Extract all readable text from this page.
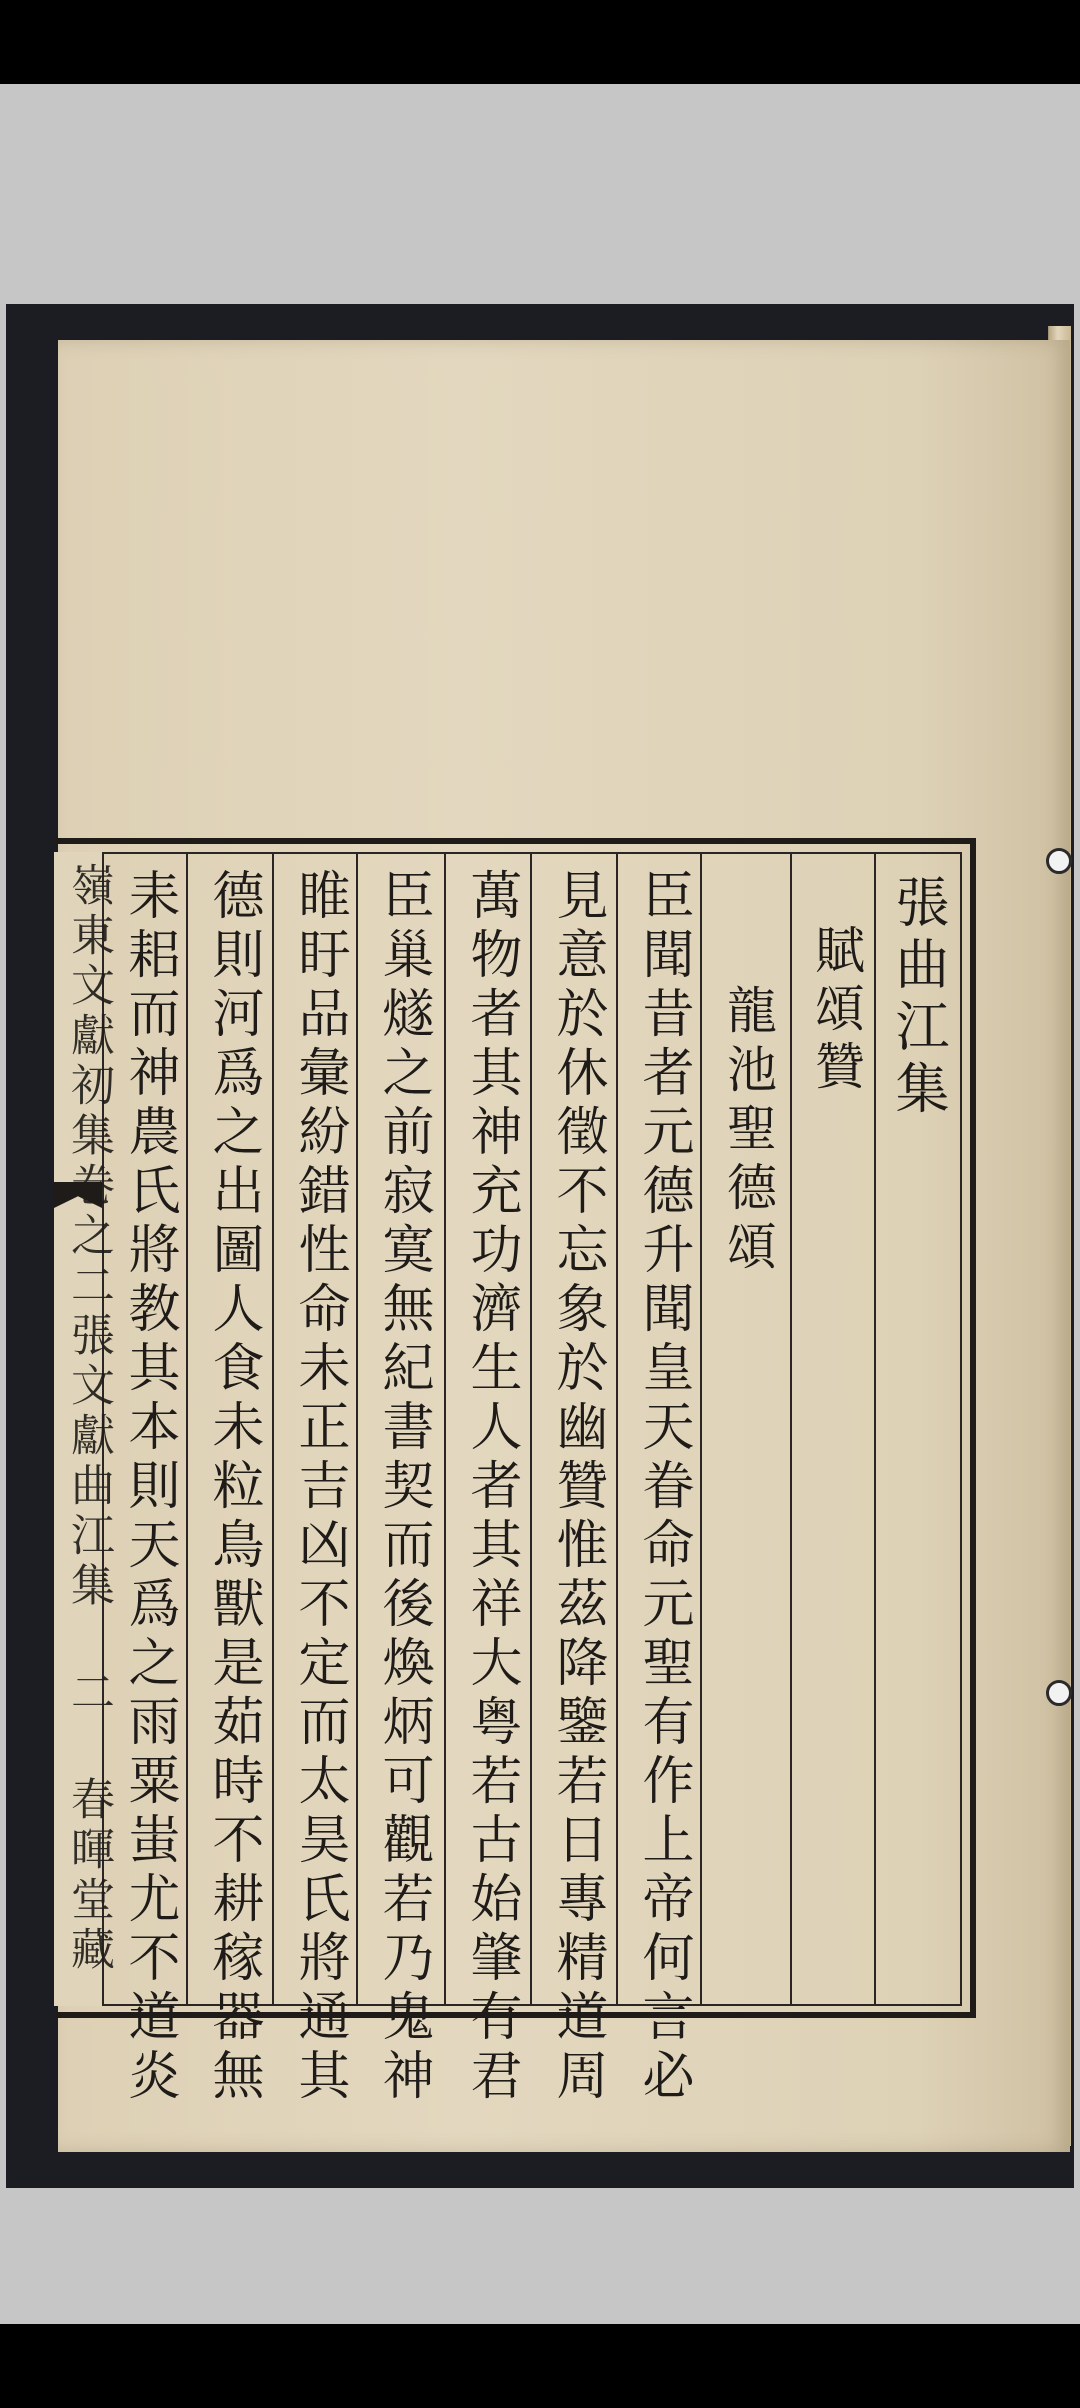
張曲江集
賦頌贊
龍池聖德頌
臣聞昔者元德升聞皇天眷命元聖有作上帝何言必
見意於休徵不忘象於幽贊惟茲降鑒若日專精道周
萬物者其神充功濟生人者其祥大粤若古始肇有君
臣巢燧之前寂寞無紀書契而後煥炳可觀若乃鬼神
睢盱品彙紛錯性命未正吉凶不定而太昊氏將通其
德則河爲之出圖人食未粒鳥獸是茹時不耕稼器無
耒耜而神農氏將教其本則天爲之雨粟蚩尤不道炎
嶺東文獻初集卷之二張文獻曲江集 二 春暉堂藏
